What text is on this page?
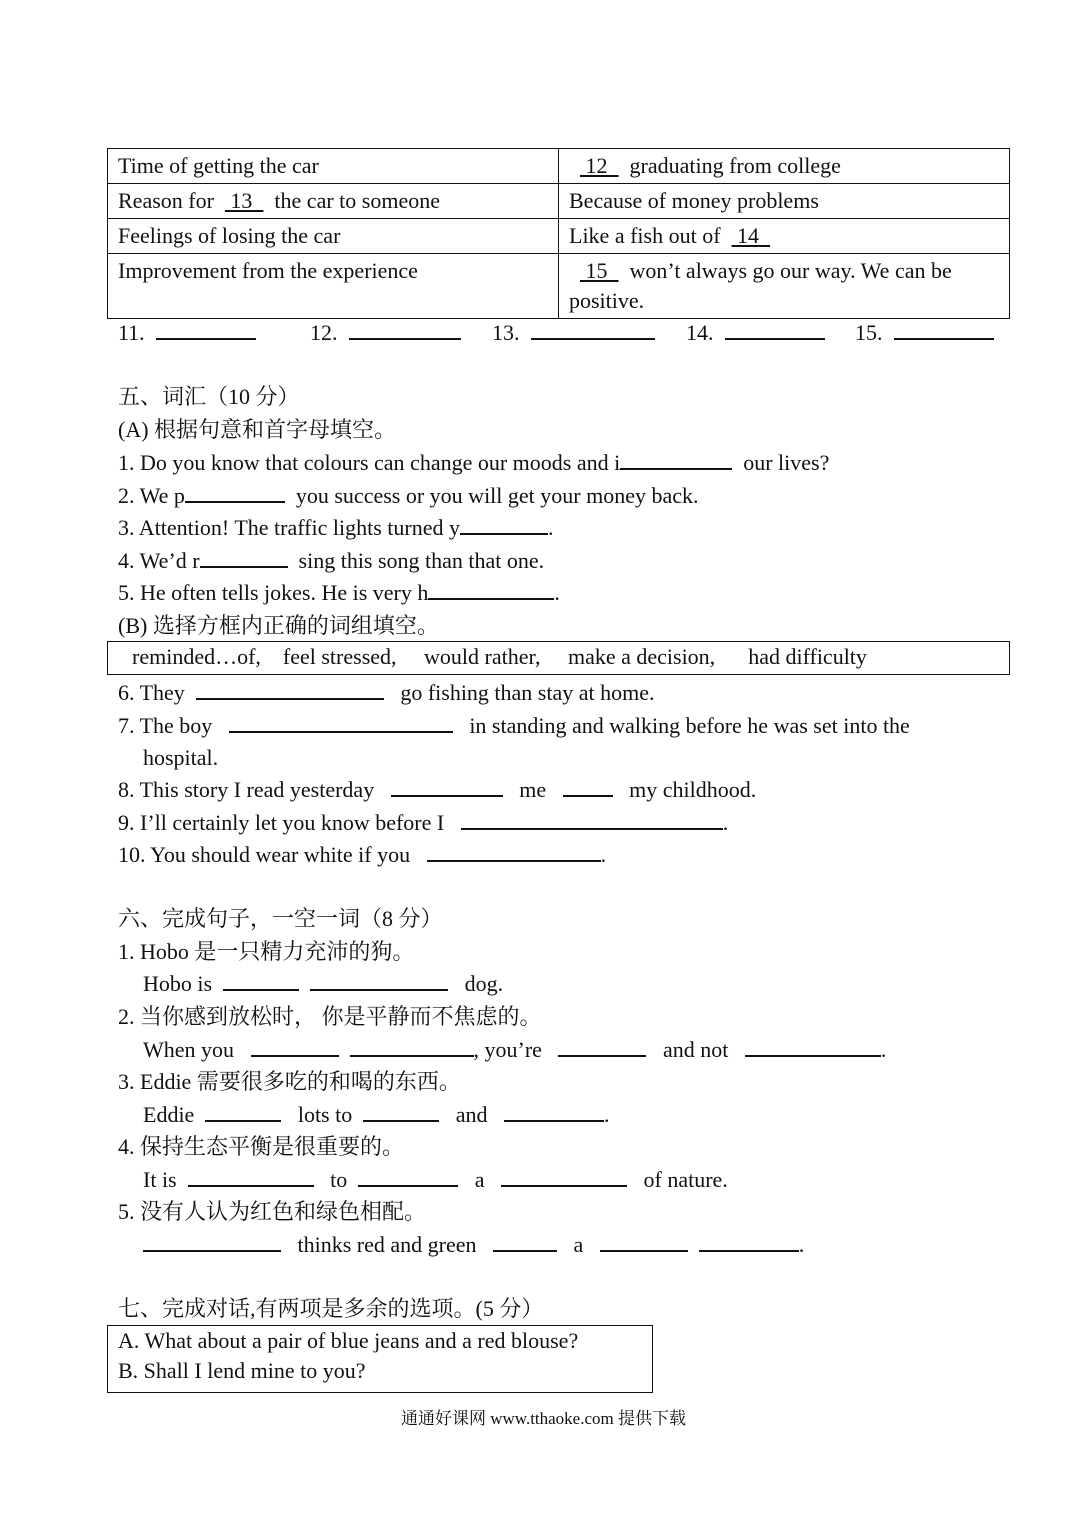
Time of getting the car	12 graduating from college
Reason for 13 the car to someone	Because of money problems
Feelings of losing the car	Like a fish out of 14
Improvement from the experience	15 won’t always go our way. We can be positive.
11.	12.	13.	14.	15.
五、词汇（10 分）
(A) 根据句意和首字母填空。
1. Do you know that colours can change our moods and i	our lives?
2. We p	you success or you will get your money back.
3. Attention! The traffic lights turned y	.
4. We’d r	sing this song than that one.
5. He often tells jokes. He is very h	.
(B) 选择方框内正确的词组填空。
reminded…of, feel stressed, would rather, make a decision, had difficulty
6. They	go fishing than stay at home.
7. The boy	in standing and walking before he was set into the
hospital.
8. This story I read yesterday	me	my childhood.
9. I’ll certainly let you know before I	.
10. You should wear white if you	.
六、完成句子，一空一词（8 分）
1. Hobo 是一只精力充沛的狗。
Hobo is	dog.
2. 当你感到放松时， 你是平静而不焦虑的。
When you	, you’re	and not	.
3. Eddie 需要很多吃的和喝的东西。
Eddie	lots to	and	.
4. 保持生态平衡是很重要的。
It is	to	a	of nature.
5. 没有人认为红色和绿色相配。
thinks red and green	a	.
七、完成对话,有两项是多余的选项。(5 分）
A. What about a pair of blue jeans and a red blouse?
B. Shall I lend mine to you?
通通好课网 www.tthaoke.com 提供下载
